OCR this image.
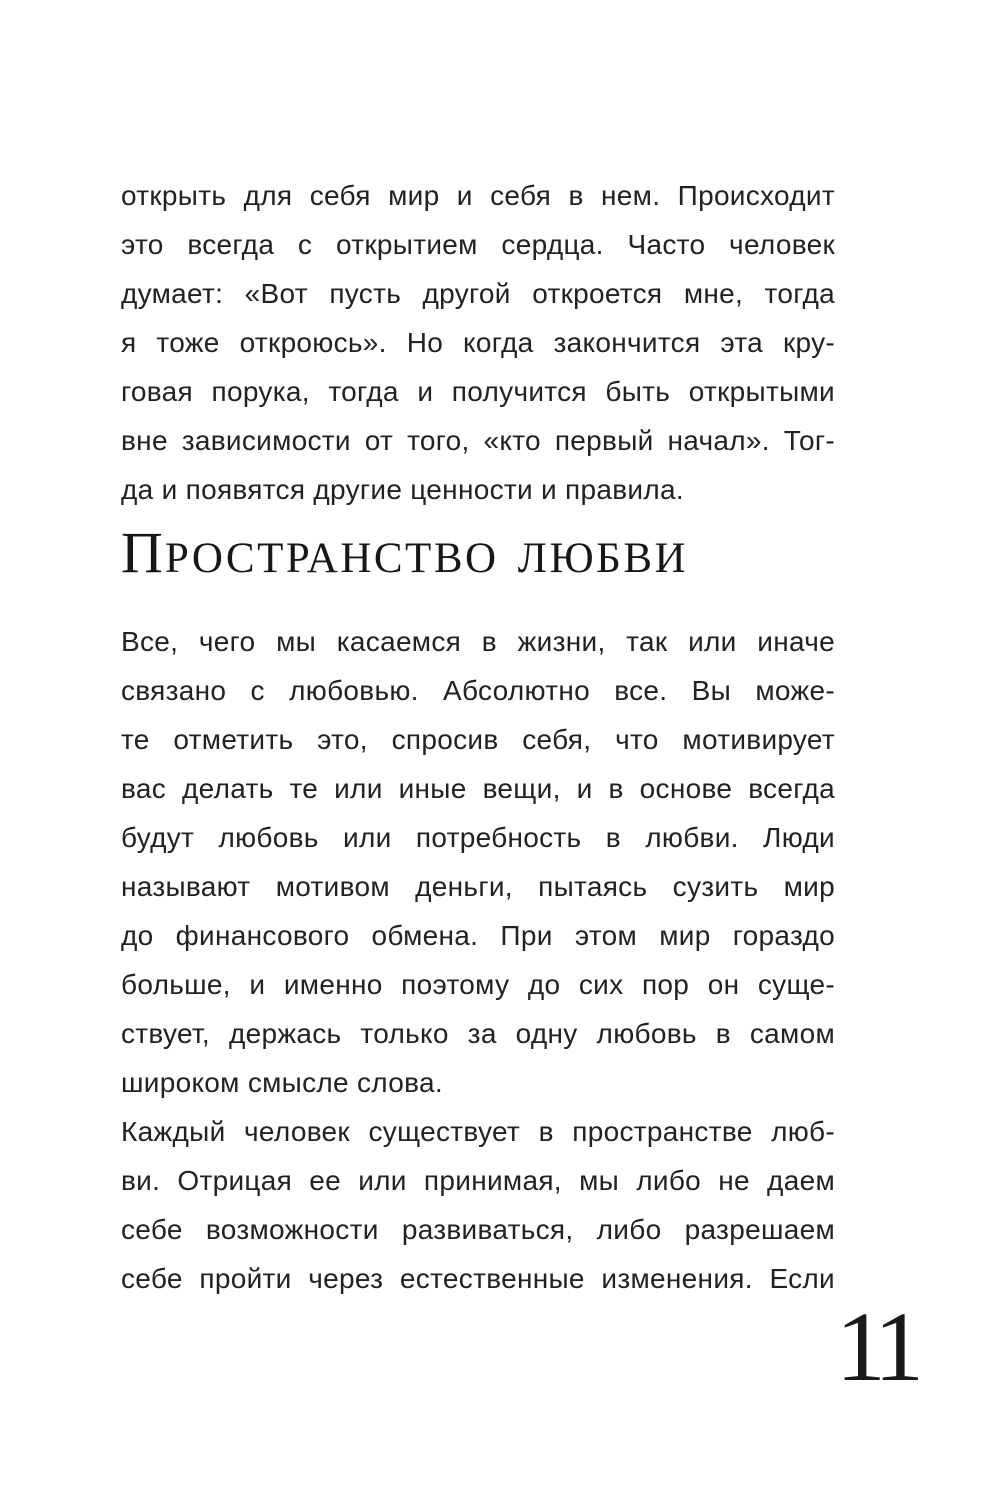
открыть для себя мир и себя в нем. Происходит
это всегда с открытием сердца. Часто человек
думает: «Вот пусть другой откроется мне, тогда
я тоже откроюсь». Но когда закончится эта кру-
говая порука, тогда и получится быть открытыми
вне зависимости от того, «кто первый начал». Тог-
да и появятся другие ценности и правила.
ПРОСТРАНСТВО ЛЮБВИ
Все, чего мы касаемся в жизни, так или иначе
связано с любовью. Абсолютно все. Вы може-
те отметить это, спросив себя, что мотивирует
вас делать те или иные вещи, и в основе всегда
будут любовь или потребность в любви. Люди
называют мотивом деньги, пытаясь сузить мир
до финансового обмена. При этом мир гораздо
больше, и именно поэтому до сих пор он суще-
ствует, держась только за одну любовь в самом
широком смысле слова.
Каждый человек существует в пространстве люб-
ви. Отрицая ее или принимая, мы либо не даем
себе возможности развиваться, либо разрешаем
себе пройти через естественные изменения. Если
11
